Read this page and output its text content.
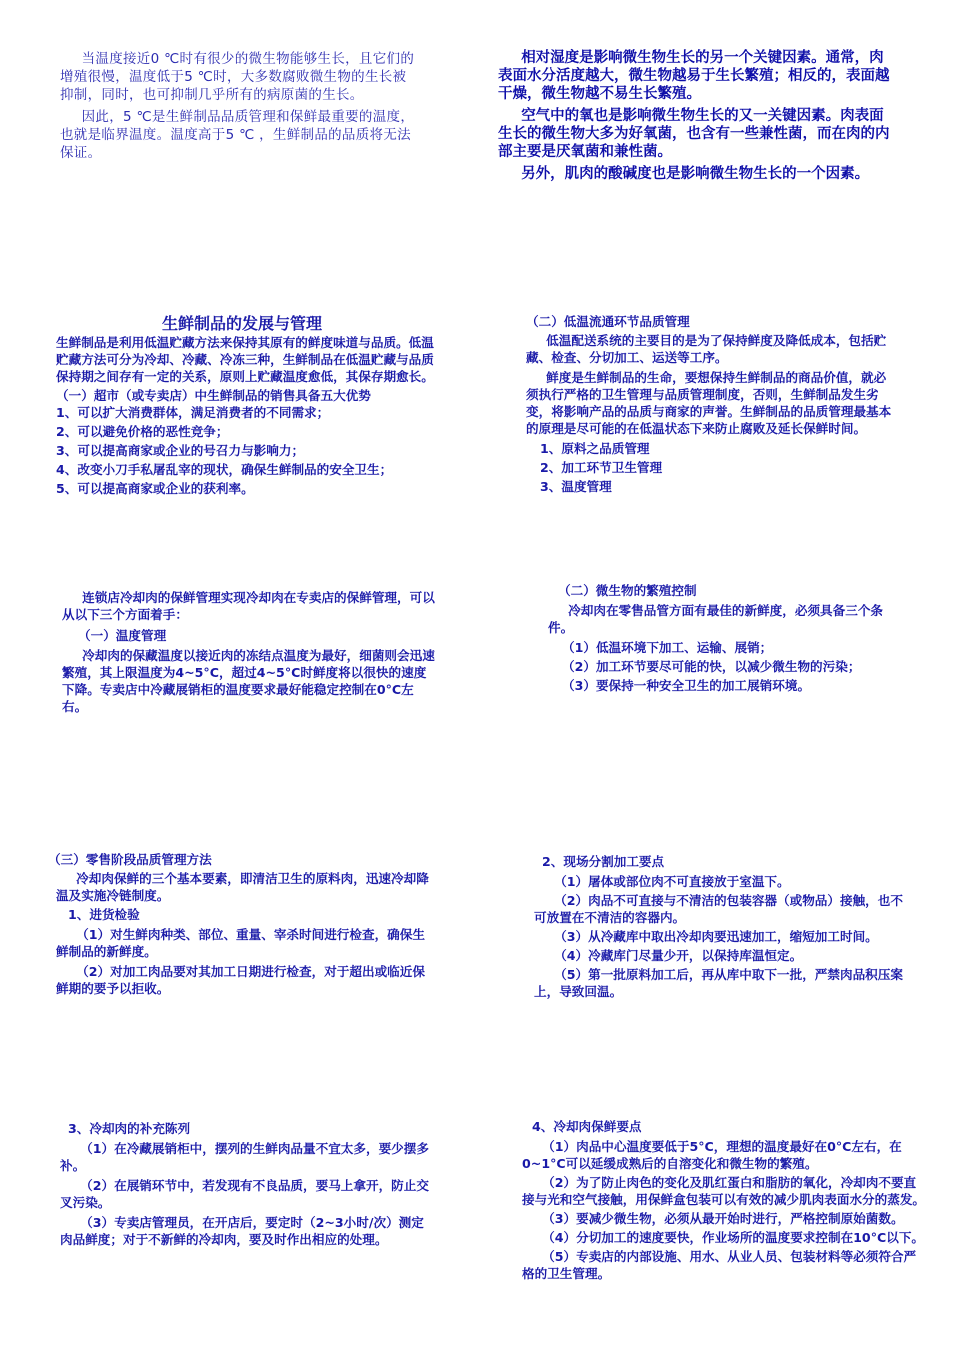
当温度接近0 ℃时有很少的微生物能够生长，且它们的增殖很慢，温度低于5 ℃时，大多数腐败微生物的生长被抑制，同时，也可抑制几乎所有的病原菌的生长。

因此，5 ℃是生鲜制品品质管理和保鲜最重要的温度，也就是临界温度。温度高于5 ℃ ，生鲜制品的品质将无法保证。

相对湿度是影响微生物生长的另一个关键因素。通常，肉表面水分活度越大，微生物越易于生长繁殖；相反的，表面越干燥，微生物越不易生长繁殖。

空气中的氧也是影响微生物生长的又一关键因素。肉表面生长的微生物大多为好氧菌，也含有一些兼性菌，而在肉的内部主要是厌氧菌和兼性菌。

另外，肌肉的酸碱度也是影响微生物生长的一个因素。

生鲜制品的发展与管理

生鲜制品是利用低温贮藏方法来保持其原有的鲜度味道与品质。低温贮藏方法可分为冷却、冷藏、冷冻三种，生鲜制品在低温贮藏与品质保持期之间存有一定的关系，原则上贮藏温度愈低，其保存期愈长。

（一）超市（或专卖店）中生鲜制品的销售具备五大优势

1、可以扩大消费群体，满足消费者的不同需求；

2、可以避免价格的恶性竞争；

3、可以提高商家或企业的号召力与影响力；

4、改变小刀手私屠乱宰的现状，确保生鲜制品的安全卫生；

5、可以提高商家或企业的获利率。

（二）低温流通环节品质管理

低温配送系统的主要目的是为了保持鲜度及降低成本，包括贮藏、检查、分切加工、运送等工序。

鲜度是生鲜制品的生命，要想保持生鲜制品的商品价值，就必须执行严格的卫生管理与品质管理制度，否则，生鲜制品发生劣变，将影响产品的品质与商家的声誉。生鲜制品的品质管理最基本的原理是尽可能的在低温状态下来防止腐败及延长保鲜时间。

1、原料之品质管理

2、加工环节卫生管理

3、温度管理

连锁店冷却肉的保鲜管理实现冷却肉在专卖店的保鲜管理，可以从以下三个方面着手：

（一）温度管理

冷却肉的保藏温度以接近肉的冻结点温度为最好，细菌则会迅速繁殖，其上限温度为4~5°C，超过4~5°C时鲜度将以很快的速度下降。专卖店中冷藏展销柜的温度要求最好能稳定控制在0°C左右。

（二）微生物的繁殖控制

冷却肉在零售品管方面有最佳的新鲜度，必须具备三个条件。

（1）低温环境下加工、运输、展销；

（2）加工环节要尽可能的快，以减少微生物的污染；

（3）要保持一种安全卫生的加工展销环境。

（三）零售阶段品质管理方法

冷却肉保鲜的三个基本要素，即清洁卫生的原料肉，迅速冷却降温及实施冷链制度。

1、进货检验

（1）对生鲜肉种类、部位、重量、宰杀时间进行检查，确保生鲜制品的新鲜度。

（2）对加工肉品要对其加工日期进行检查，对于超出或临近保鲜期的要予以拒收。

2、现场分割加工要点

（1）屠体或部位肉不可直接放于室温下。

（2）肉品不可直接与不清洁的包装容器（或物品）接触，也不可放置在不清洁的容器内。

（3）从冷藏库中取出冷却肉要迅速加工，缩短加工时间。

（4）冷藏库门尽量少开，以保持库温恒定。

（5）第一批原料加工后，再从库中取下一批，严禁肉品积压案上，导致回温。

3、冷却肉的补充陈列

（1）在冷藏展销柜中，摆列的生鲜肉品量不宜太多，要少摆多补。

（2）在展销环节中，若发现有不良品质，要马上拿开，防止交叉污染。

（3）专卖店管理员，在开店后，要定时（2~3小时/次）测定肉品鲜度；对于不新鲜的冷却肉，要及时作出相应的处理。

4、冷却肉保鲜要点

（1）肉品中心温度要低于5°C，理想的温度最好在0°C左右，在0~1°C可以延缓成熟后的自溶变化和微生物的繁殖。

（2）为了防止肉色的变化及肌红蛋白和脂肪的氧化，冷却肉不要直接与光和空气接触，用保鲜盒包装可以有效的减少肌肉表面水分的蒸发。

（3）要减少微生物，必须从最开始时进行，严格控制原始菌数。

（4）分切加工的速度要快，作业场所的温度要求控制在10°C以下。

（5）专卖店的内部设施、用水、从业人员、包装材料等必须符合严格的卫生管理。
